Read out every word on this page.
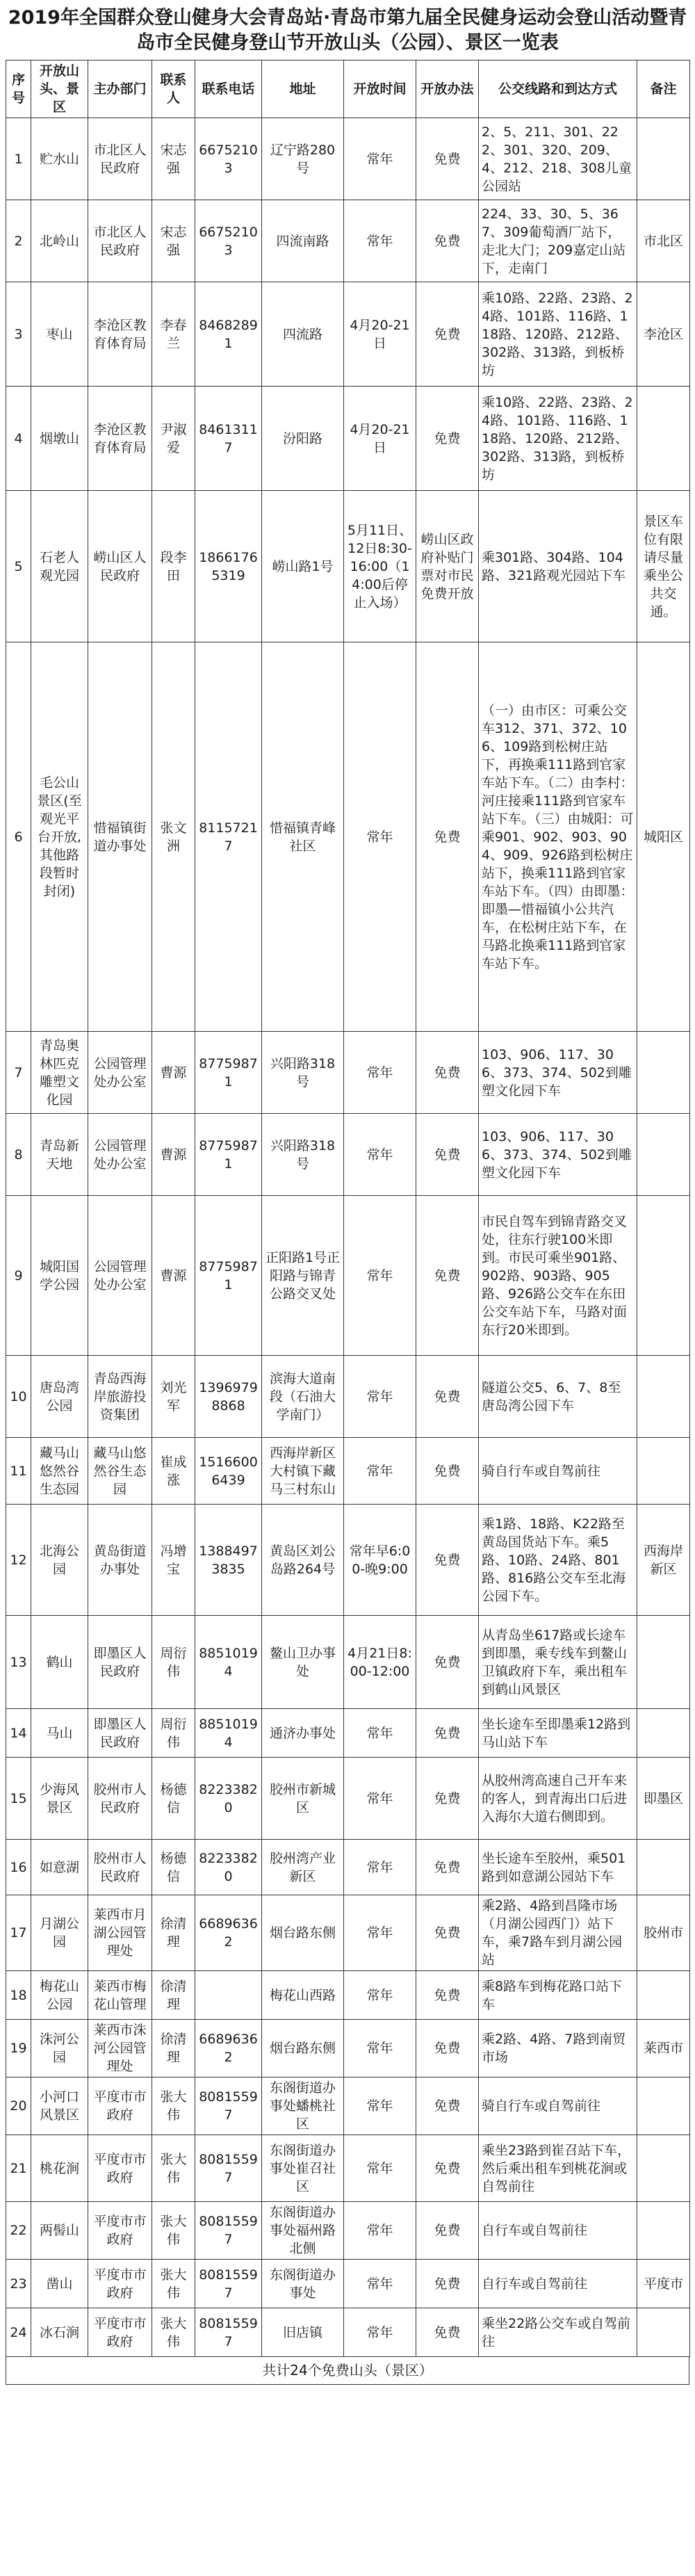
2019年全国群众登山健身大会青岛站·青岛市第九届全民健身运动会登山活动暨青岛市全民健身登山节开放山头（公园）、景区一览表
序号	开放山头、景区	主办部门	联系人	联系电话	地址	开放时间	开放办法	公交线路和到达方式	备注
1	贮水山	市北区人民政府	宋志强	66752103	辽宁路280号	常年	免费	2、5、211、301、222、301、320、209、4、212、218、308儿童公园站	
2	北岭山	市北区人民政府	宋志强	66752103	四流南路	常年	免费	224、33、30、5、367、309葡萄酒厂站下，走北大门；209嘉定山站下，走南门	市北区
3	枣山	李沧区教育体育局	李春兰	84682891	四流路	4月20-21日	免费	乘10路、22路、23路、24路、101路、116路、118路、120路、212路、302路、313路，到板桥坊	李沧区
4	烟墩山	李沧区教育体育局	尹淑爱	84613117	汾阳路	4月20-21日	免费	乘10路、22路、23路、24路、101路、116路、118路、120路、212路、302路、313路，到板桥坊	
5	石老人观光园	崂山区人民政府	段李田	18661765319	崂山路1号	5月11日、12日8:30-16:00（14:00后停止入场）	崂山区政府补贴门票对市民免费开放	乘301路、304路、104路、321路观光园站下车	景区车位有限请尽量乘坐公共交通。
6	毛公山景区(至观光平台开放,其他路段暂时封闭)	惜福镇街道办事处	张文洲	81157217	惜福镇青峰社区	常年	免费	（一）由市区：可乘公交车312、371、372、106、109路到松树庄站下，再换乘111路到官家车站下车。（二）由李村：河庄接乘111路到官家车站下车。（三）由城阳：可乘901、902、903、904、909、926路到松树庄站下，换乘111路到官家车站下车。（四）由即墨：即墨—惜福镇小公共汽车，在松树庄站下车，在马路北换乘111路到官家车站下车。	城阳区
7	青岛奥林匹克雕塑文化园	公园管理处办公室	曹源	87759871	兴阳路318号	常年	免费	103、906、117、306、373、374、502到雕塑文化园下车	
8	青岛新天地	公园管理处办公室	曹源	87759871	兴阳路318号	常年	免费	103、906、117、306、373、374、502到雕塑文化园下车	
9	城阳国学公园	公园管理处办公室	曹源	87759871	正阳路1号正阳路与锦青公路交叉处	常年	免费	市民自驾车到锦青路交叉处，往东行驶100米即到。市民可乘坐901路、902路、903路、905路、926路公交车在东田公交车站下车，马路对面东行20米即到。	
10	唐岛湾公园	青岛西海岸旅游投资集团	刘光军	13969798868	滨海大道南段（石油大学南门）	常年	免费	隧道公交5、6、7、8至唐岛湾公园下车	
11	藏马山悠然谷生态园	藏马山悠然谷生态园	崔成涨	15166006439	西海岸新区大村镇下藏马三村东山	常年	免费	骑自行车或自驾前往	
12	北海公园	黄岛街道办事处	冯增宝	13884973835	黄岛区刘公岛路264号	常年早6:00-晚9:00	免费	乘1路、18路、K22路至黄岛国货站下车。乘5路、10路、24路、801路、816路公交车至北海公园下车。	西海岸新区
13	鹤山	即墨区人民政府	周衍伟	88510194	鳌山卫办事处	4月21日8:00-12:00	免费	从青岛坐617路或长途车到即墨，乘专线车到鳌山卫镇政府下车，乘出租车到鹤山风景区	
14	马山	即墨区人民政府	周衍伟	88510194	通济办事处	常年	免费	坐长途车至即墨乘12路到马山站下车	
15	少海风景区	胶州市人民政府	杨德信	82233820	胶州市新城区	常年	免费	从胶州湾高速自己开车来的客人，到青海出口后进入海尔大道右侧即到。	即墨区
16	如意湖	胶州市人民政府	杨德信	82233820	胶州湾产业新区	常年	免费	坐长途车至胶州，乘501路到如意湖公园站下车	
17	月湖公园	莱西市月湖公园管理处	徐清理	66896362	烟台路东侧	常年	免费	乘2路、4路到昌隆市场（月湖公园西门）站下车，乘7路车到月湖公园站	胶州市
18	梅花山公园	莱西市梅花山管理	徐清理		梅花山西路	常年	免费	乘8路车到梅花路口站下车	
19	洙河公园	莱西市洙河公园管理处	徐清理	66896362	烟台路东侧	常年	免费	乘2路、4路、7路到南贸市场	莱西市
20	小河口风景区	平度市市政府	张大伟	80815597	东阁街道办事处蟠桃社区	常年	免费	骑自行车或自驾前往	
21	桃花涧	平度市市政府	张大伟	80815597	东阁街道办事处崔召社区	常年	免费	乘坐23路到崔召站下车，然后乘出租车到桃花涧或自驾前往	
22	两髻山	平度市市政府	张大伟	80815597	东阁街道办事处福州路北侧	常年	免费	自行车或自驾前往	
23	凿山	平度市市政府	张大伟	80815597	东阁街道办事处	常年	免费	自行车或自驾前往	平度市
24	冰石涧	平度市市政府	张大伟	80815597	旧店镇	常年	免费	乘坐22路公交车或自驾前往	
共计24个免费山头（景区）
